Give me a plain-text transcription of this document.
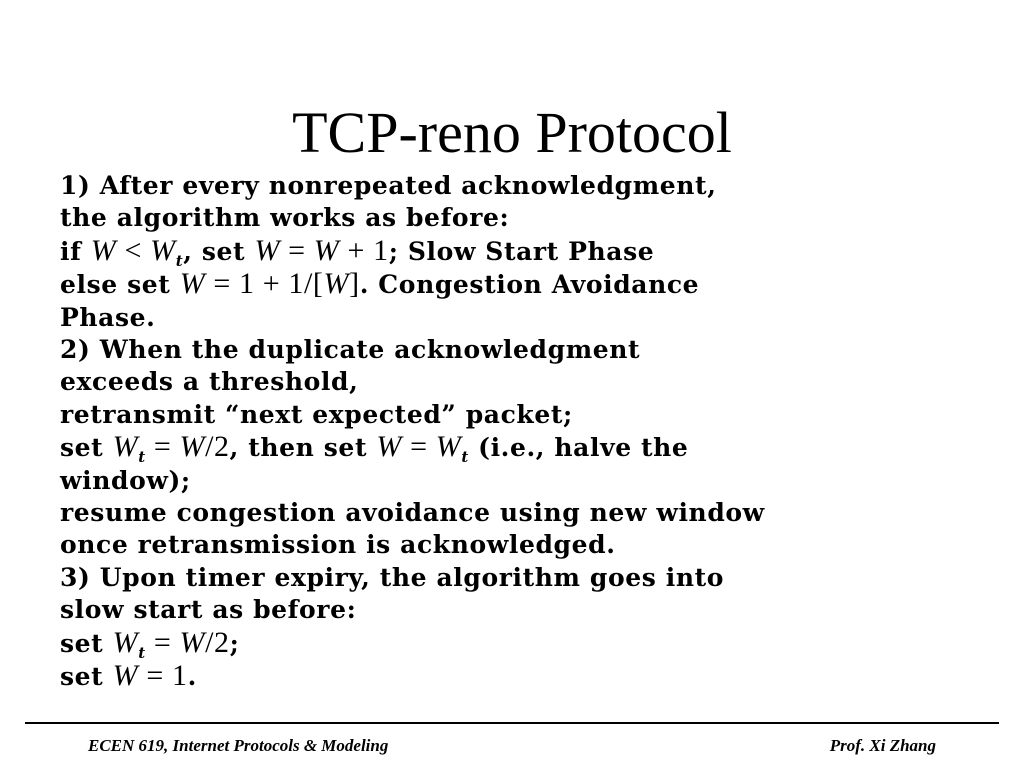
TCP-reno Protocol
1) After every nonrepeated acknowledgment,
the algorithm works as before:
if $W < W_t$, set W = W + 1; Slow Start Phase
else set W = 1 + 1/[W]. Congestion Avoidance
Phase.
2) When the duplicate acknowledgment
exceeds a threshold,
retransmit “next expected” packet;
set $W_t = W/2$, then set $W = W_t$ (i.e., halve the
window);
resume congestion avoidance using new window
once retransmission is acknowledged.
3) Upon timer expiry, the algorithm goes into
slow start as before:
set $W_t = W/2$;
set W = 1.
ECEN 619, Internet Protocols & Modeling	Prof. Xi Zhang
